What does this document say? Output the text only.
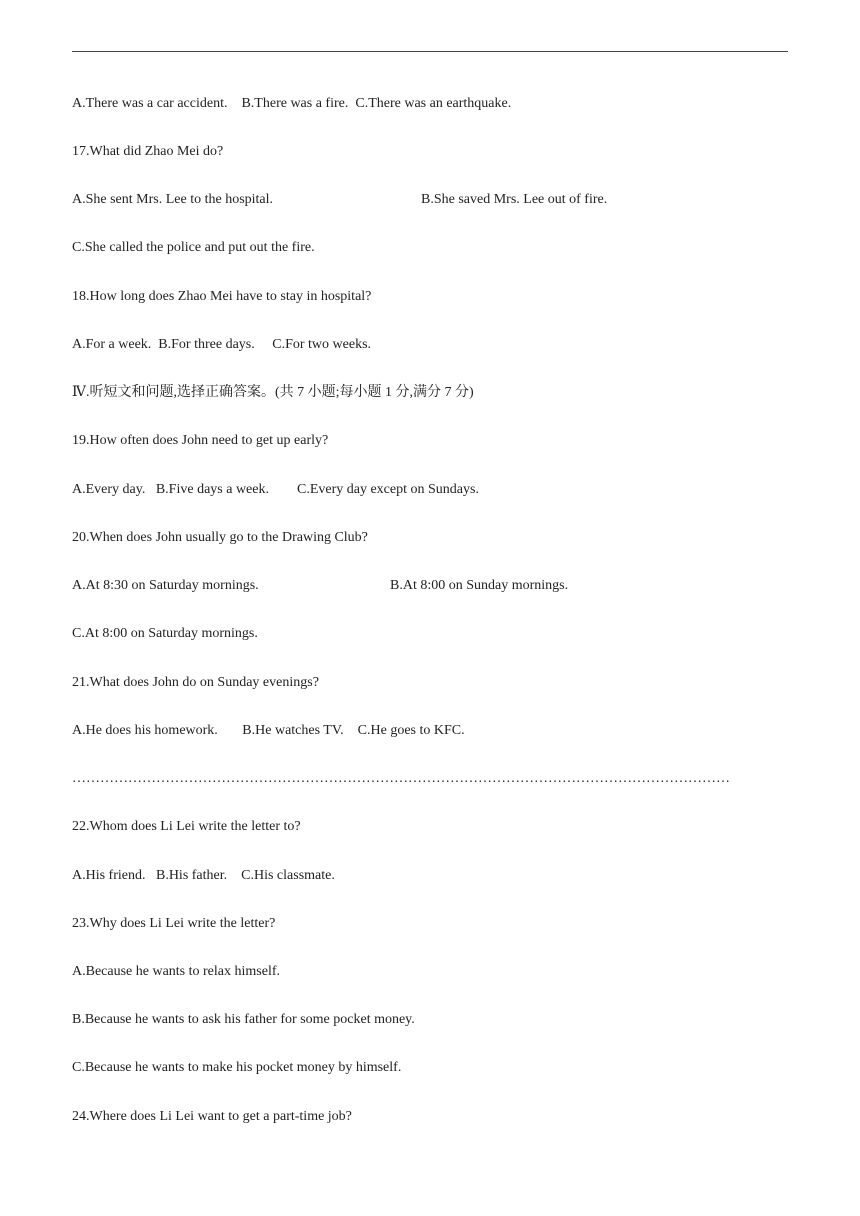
A.There was a car accident.    B.There was a fire.  C.There was an earthquake.
17.What did Zhao Mei do?
A.She sent Mrs. Lee to the hospital.	B.She saved Mrs. Lee out of fire.
C.She called the police and put out the fire.
18.How long does Zhao Mei have to stay in hospital?
A.For a week.  B.For three days.     C.For two weeks.
Ⅳ.听短文和问题,选择正确答案。(共 7 小题;每小题 1 分,满分 7 分)
19.How often does John need to get up early?
A.Every day.   B.Five days a week.        C.Every day except on Sundays.
20.When does John usually go to the Drawing Club?
A.At 8:30 on Saturday mornings.	B.At 8:00 on Sunday mornings.
C.At 8:00 on Saturday mornings.
21.What does John do on Sunday evenings?
A.He does his homework.       B.He watches TV.    C.He goes to KFC.
……………………………………………………………………………………………………………………………
22.Whom does Li Lei write the letter to?
A.His friend.   B.His father.    C.His classmate.
23.Why does Li Lei write the letter?
A.Because he wants to relax himself.
B.Because he wants to ask his father for some pocket money.
C.Because he wants to make his pocket money by himself.
24.Where does Li Lei want to get a part-time job?
